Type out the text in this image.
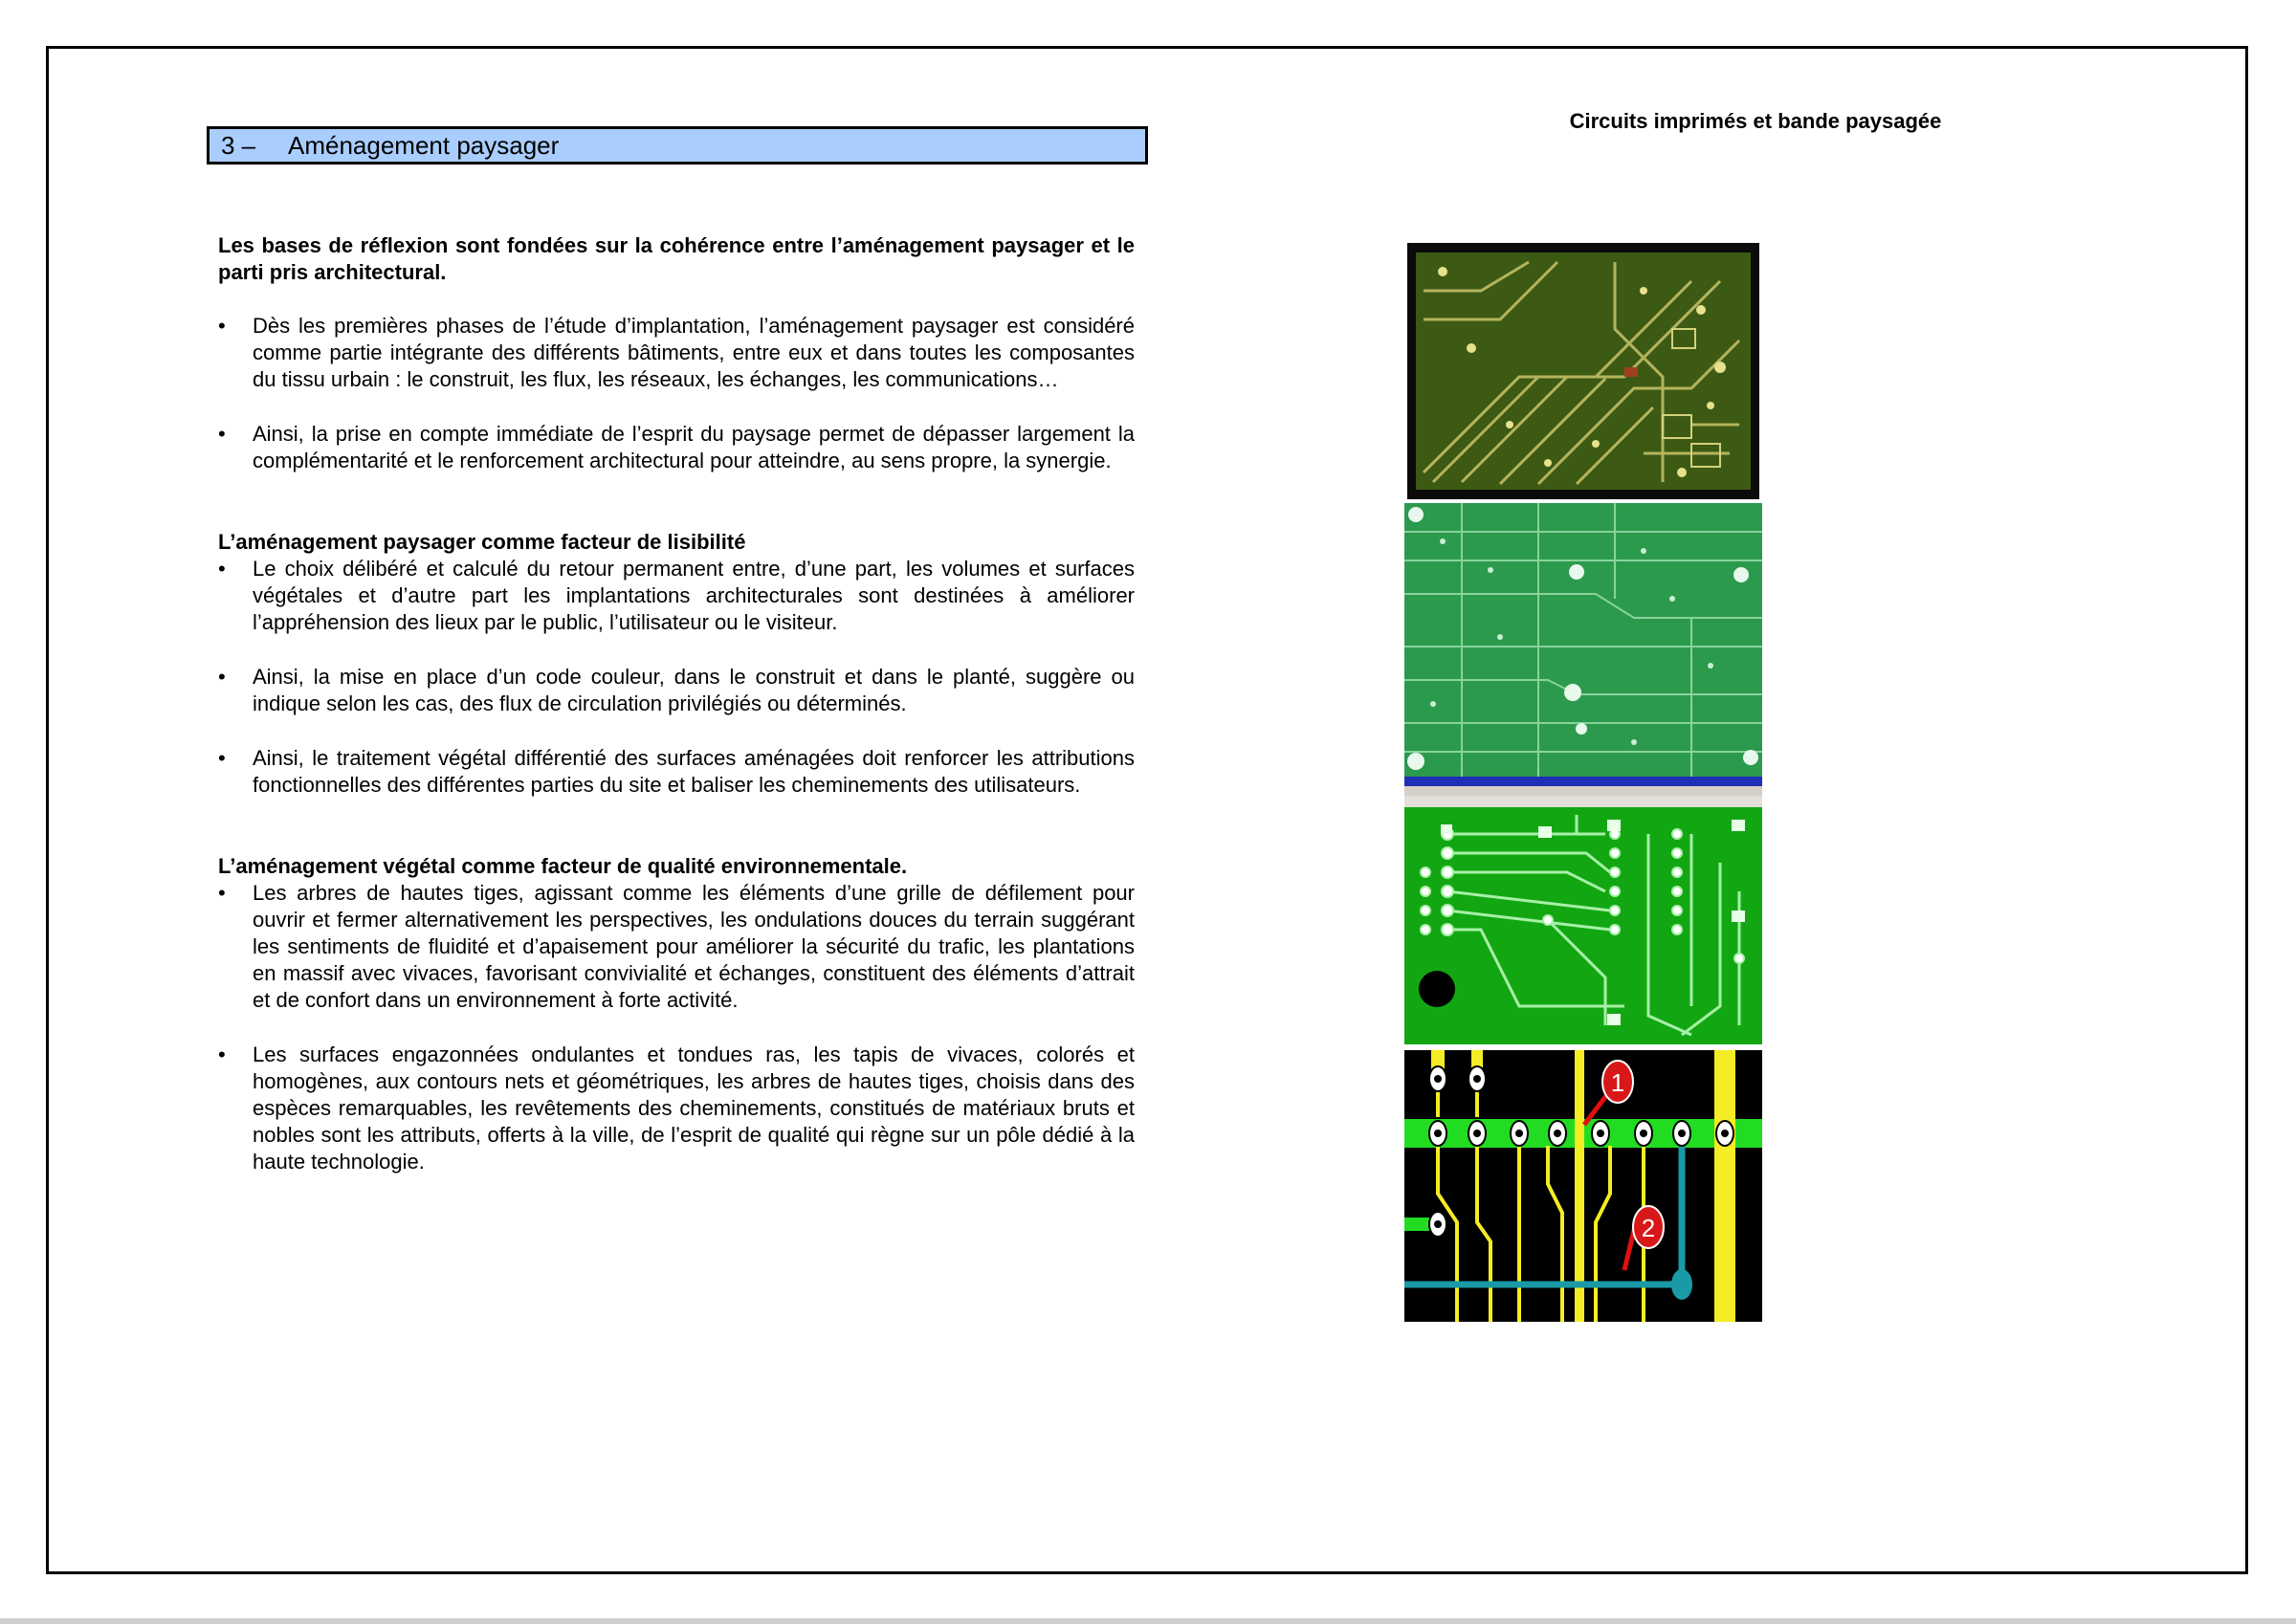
3 – Aménagement paysager
Circuits imprimés et bande paysagée

Les bases de réflexion sont fondées sur la cohérence entre l’aménagement paysager et le parti pris architectural.

• Dès les premières phases de l’étude d’implantation, l’aménagement paysager est considéré comme partie intégrante des différents bâtiments, entre eux et dans toutes les composantes du tissu urbain : le construit, les flux, les réseaux, les échanges, les communications…
• Ainsi, la prise en compte immédiate de l’esprit du paysage permet de dépasser largement la complémentarité et le renforcement architectural pour atteindre, au sens propre, la synergie.

L’aménagement paysager comme facteur de lisibilité

• Le choix délibéré et calculé du retour permanent entre, d’une part, les volumes et surfaces végétales et d’autre part les implantations architecturales sont destinées à améliorer l’appréhension des lieux par le public, l’utilisateur ou le visiteur.
• Ainsi, la mise en place d’un code couleur, dans le construit et dans le planté, suggère ou indique selon les cas, des flux de circulation privilégiés ou déterminés.
• Ainsi, le traitement végétal différentié des surfaces aménagées doit renforcer les attributions fonctionnelles des différentes parties du site et baliser les cheminements des utilisateurs.

L’aménagement végétal comme facteur de qualité environnementale.

• Les arbres de hautes tiges, agissant comme les éléments d’une grille de défilement pour ouvrir et fermer alternativement les perspectives, les ondulations douces du terrain suggérant les sentiments de fluidité et d’apaisement pour améliorer la sécurité du trafic, les plantations en massif avec vivaces, favorisant convivialité et échanges, constituent des éléments d’attrait et de confort dans un environnement à forte activité.
• Les surfaces engazonnées ondulantes et tondues ras, les tapis de vivaces, colorés et homogènes, aux contours nets et géométriques, les arbres de hautes tiges, choisis dans des espèces remarquables, les revêtements des cheminements, constitués de matériaux bruts et nobles sont les attributs, offerts à la ville, de l’esprit de qualité qui règne sur un pôle dédié à la haute technologie.
1
2
